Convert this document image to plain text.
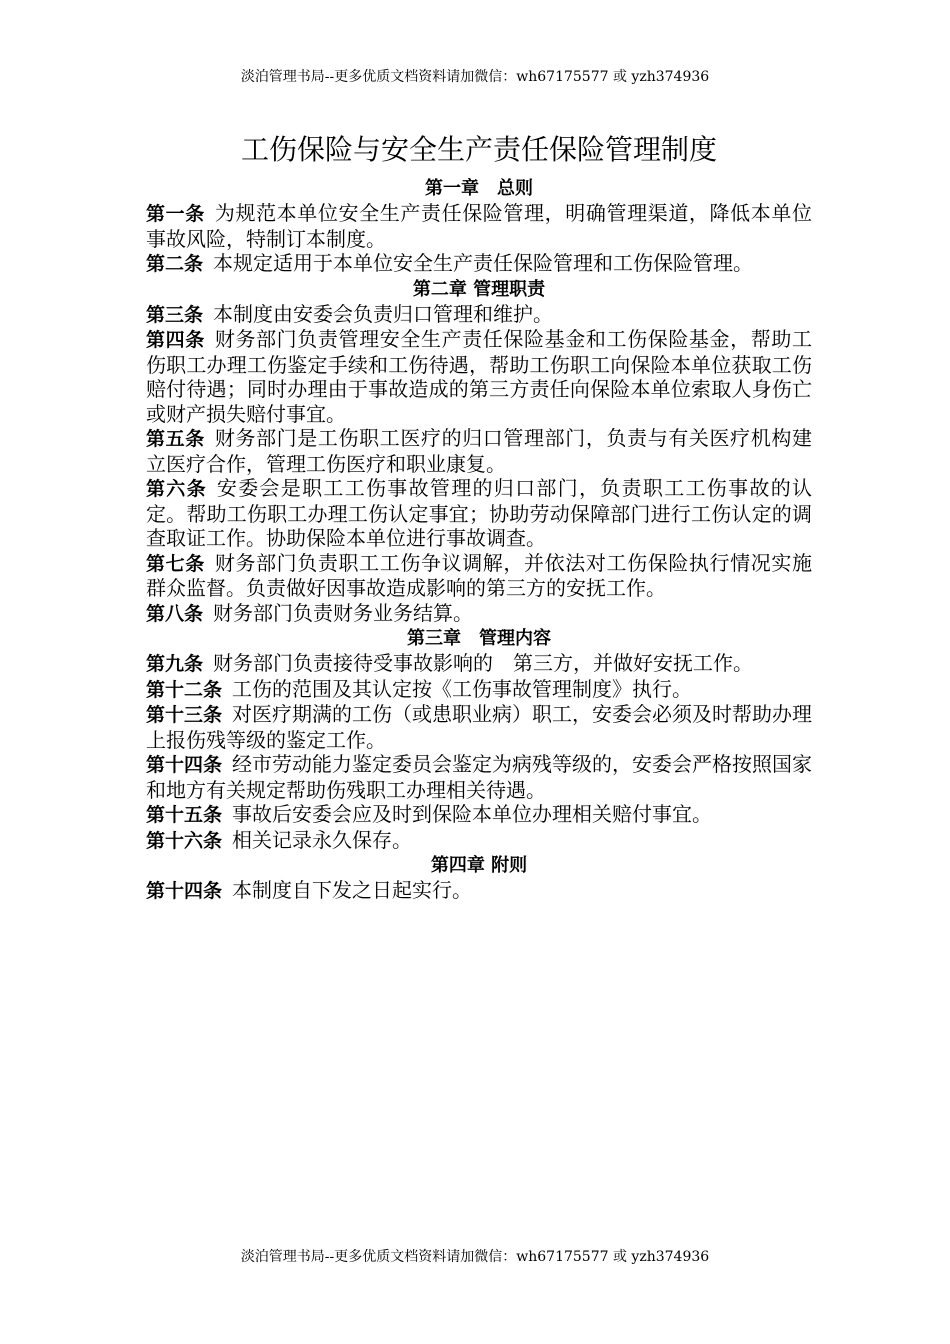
淡泊管理书局--更多优质文档资料请加微信：wh67175577 或 yzh374936
工伤保险与安全生产责任保险管理制度
第一章　总则

第一条 为规范本单位安全生产责任保险管理，明确管理渠道，降低本单位事故风险，特制订本制度。

第二条 本规定适用于本单位安全生产责任保险管理和工伤保险管理。

第二章 管理职责

第三条 本制度由安委会负责归口管理和维护。

第四条 财务部门负责管理安全生产责任保险基金和工伤保险基金，帮助工伤职工办理工伤鉴定手续和工伤待遇，帮助工伤职工向保险本单位获取工伤赔付待遇；同时办理由于事故造成的第三方责任向保险本单位索取人身伤亡或财产损失赔付事宜。

第五条 财务部门是工伤职工医疗的归口管理部门，负责与有关医疗机构建立医疗合作，管理工伤医疗和职业康复。

第六条 安委会是职工工伤事故管理的归口部门，负责职工工伤事故的认定。帮助工伤职工办理工伤认定事宜；协助劳动保障部门进行工伤认定的调查取证工作。协助保险本单位进行事故调查。

第七条 财务部门负责职工工伤争议调解，并依法对工伤保险执行情况实施群众监督。负责做好因事故造成影响的第三方的安抚工作。

第八条 财务部门负责财务业务结算。

第三章　管理内容

第九条 财务部门负责接待受事故影响的　第三方，并做好安抚工作。

第十二条 工伤的范围及其认定按《工伤事故管理制度》执行。

第十三条 对医疗期满的工伤（或患职业病）职工，安委会必须及时帮助办理上报伤残等级的鉴定工作。

第十四条 经市劳动能力鉴定委员会鉴定为病残等级的，安委会严格按照国家和地方有关规定帮助伤残职工办理相关待遇。

第十五条 事故后安委会应及时到保险本单位办理相关赔付事宜。

第十六条 相关记录永久保存。

第四章 附则

第十四条 本制度自下发之日起实行。

淡泊管理书局--更多优质文档资料请加微信：wh67175577 或 yzh374936
